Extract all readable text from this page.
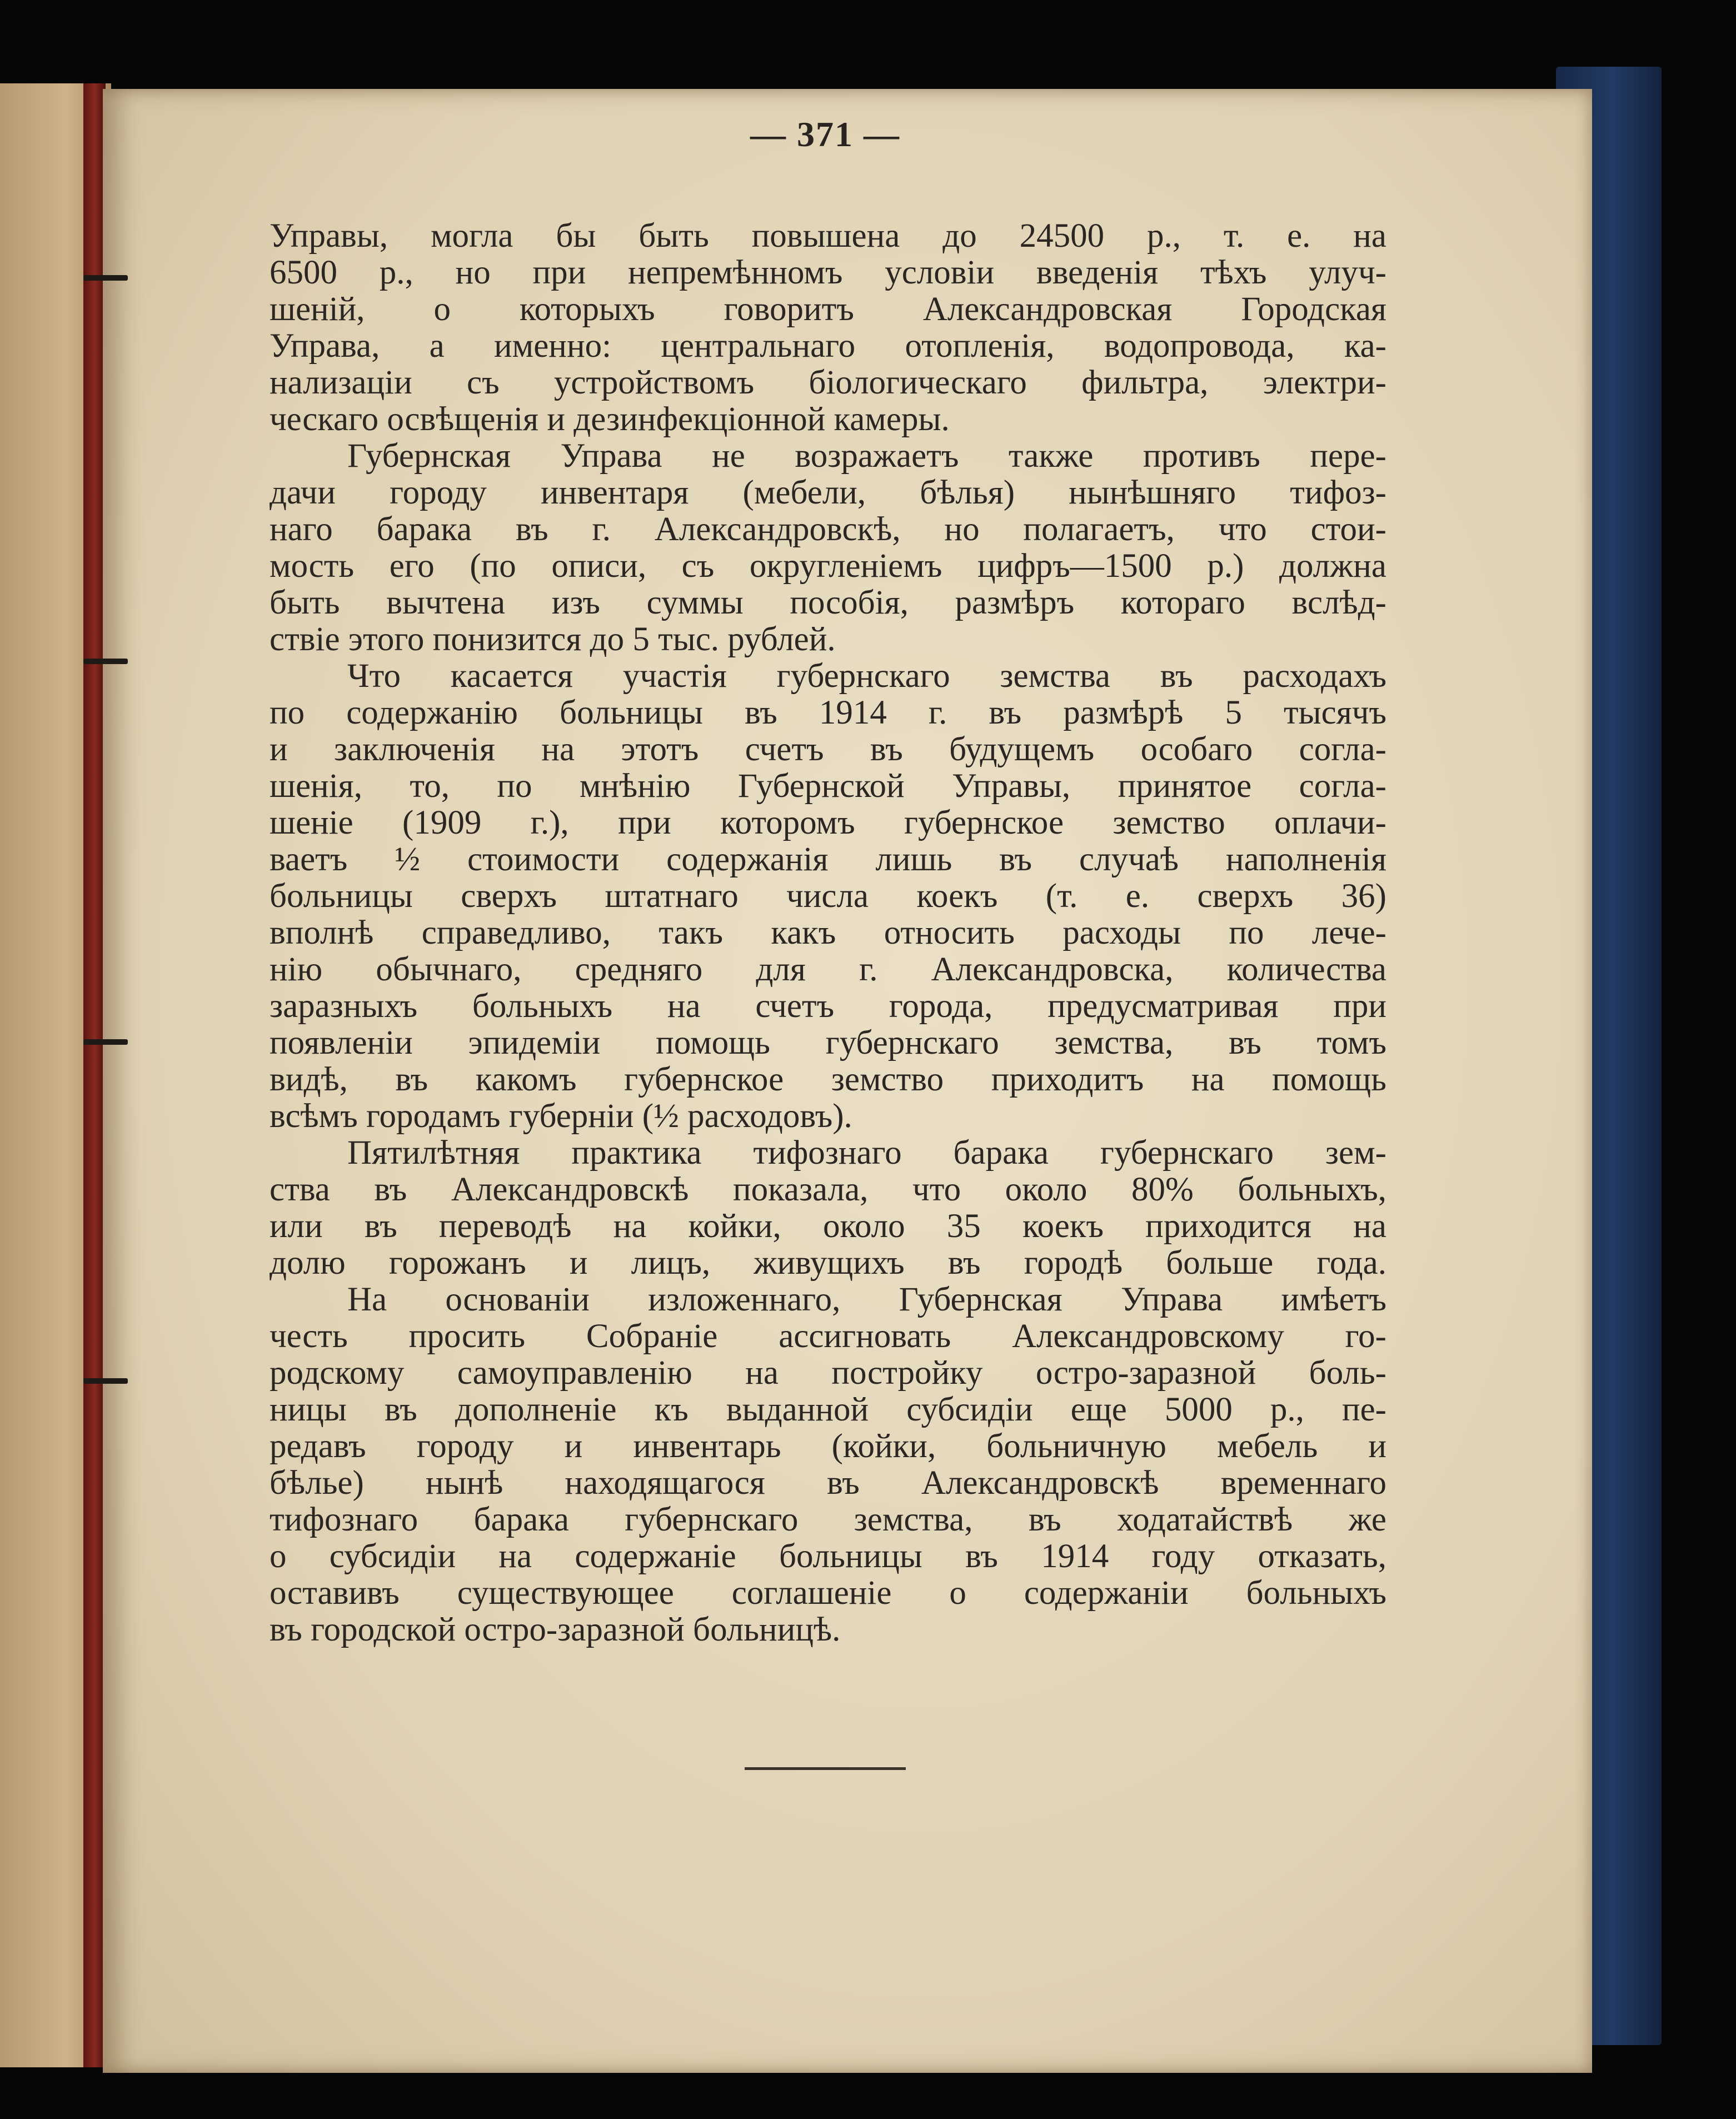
— 371 —
Управы, могла бы быть повышена до 24500 р., т. е. на
6500 р., но при непремѣнномъ условiи введенiя тѣхъ улуч-
шенiй, о которыхъ говоритъ Александровская Городская
Управа, а именно: центральнаго отопленiя, водопровода, ка-
нализацiи съ устройствомъ бiологическаго фильтра, электри-
ческаго освѣщенiя и дезинфекцiонной камеры.
Губернская Управа не возражаетъ также противъ пере-
дачи городу инвентаря (мебели, бѣлья) нынѣшняго тифоз-
наго барака въ г. Александровскѣ, но полагаетъ, что стои-
мость его (по описи, съ округленiемъ цифръ—1500 р.) должна
быть вычтена изъ суммы пособiя, размѣръ котораго вслѣд-
ствiе этого понизится до 5 тыс. рублей.
Что касается участiя губернскаго земства въ расходахъ
по содержанiю больницы въ 1914 г. въ размѣрѣ 5 тысячъ
и заключенiя на этотъ счетъ въ будущемъ особаго согла-
шенiя, то, по мнѣнiю Губернской Управы, принятое согла-
шенiе (1909 г.), при которомъ губернское земство оплачи-
ваетъ ½ стоимости содержанiя лишь въ случаѣ наполненiя
больницы сверхъ штатнаго числа коекъ (т. е. сверхъ 36)
вполнѣ справедливо, такъ какъ относить расходы по лече-
нiю обычнаго, средняго для г. Александровска, количества
заразныхъ больныхъ на счетъ города, предусматривая при
появленiи эпидемiи помощь губернскаго земства, въ томъ
видѣ, въ какомъ губернское земство приходитъ на помощь
всѣмъ городамъ губернiи (½ расходовъ).
Пятилѣтняя практика тифознаго барака губернскаго зем-
ства въ Александровскѣ показала, что около 80% больныхъ,
или въ переводѣ на койки, около 35 коекъ приходится на
долю горожанъ и лицъ, живущихъ въ городѣ больше года.
На основанiи изложеннаго, Губернская Управа имѣетъ
честь просить Собранiе ассигновать Александровскому го-
родскому самоуправленiю на постройку остро-заразной боль-
ницы въ дополненiе къ выданной субсидiи еще 5000 р., пе-
редавъ городу и инвентарь (койки, больничную мебель и
бѣлье) нынѣ находящагося въ Александровскѣ временнаго
тифознаго барака губернскаго земства, въ ходатайствѣ же
о субсидiи на содержанiе больницы въ 1914 году отказать,
оставивъ существующее соглашенiе о содержанiи больныхъ
въ городской остро-заразной больницѣ.
